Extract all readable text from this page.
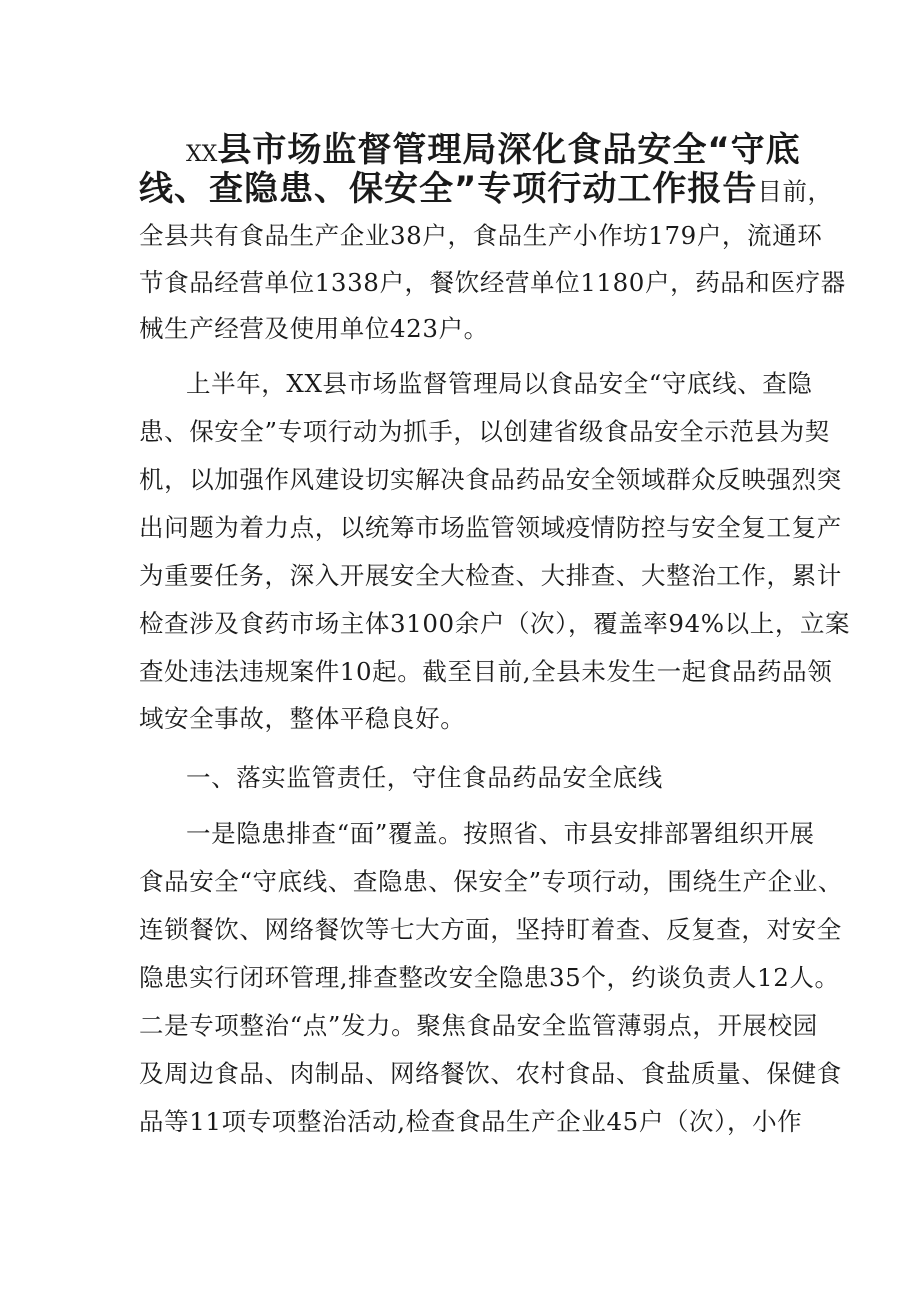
XX县市场监督管理局深化食品安全“守底
线、查隐患、保安全”专项行动工作报告目前，
全县共有食品生产企业38户，食品生产小作坊179户，流通环
节食品经营单位1338户，餐饮经营单位1180户，药品和医疗器
械生产经营及使用单位423户。
上半年，XX县市场监督管理局以食品安全“守底线、查隐
患、保安全”专项行动为抓手，以创建省级食品安全示范县为契
机，以加强作风建设切实解决食品药品安全领域群众反映强烈突
出问题为着力点，以统筹市场监管领域疫情防控与安全复工复产
为重要任务，深入开展安全大检查、大排查、大整治工作，累计
检查涉及食药市场主体3100余户（次），覆盖率94%以上，立案
查处违法违规案件10起。截至目前,全县未发生一起食品药品领
域安全事故，整体平稳良好。
一、落实监管责任，守住食品药品安全底线
一是隐患排查“面”覆盖。按照省、市县安排部署组织开展
食品安全“守底线、查隐患、保安全”专项行动，围绕生产企业、
连锁餐饮、网络餐饮等七大方面，坚持盯着查、反复查，对安全
隐患实行闭环管理,排查整改安全隐患35个，约谈负责人12人。
二是专项整治“点”发力。聚焦食品安全监管薄弱点，开展校园
及周边食品、肉制品、网络餐饮、农村食品、食盐质量、保健食
品等11项专项整治活动,检查食品生产企业45户（次），小作
